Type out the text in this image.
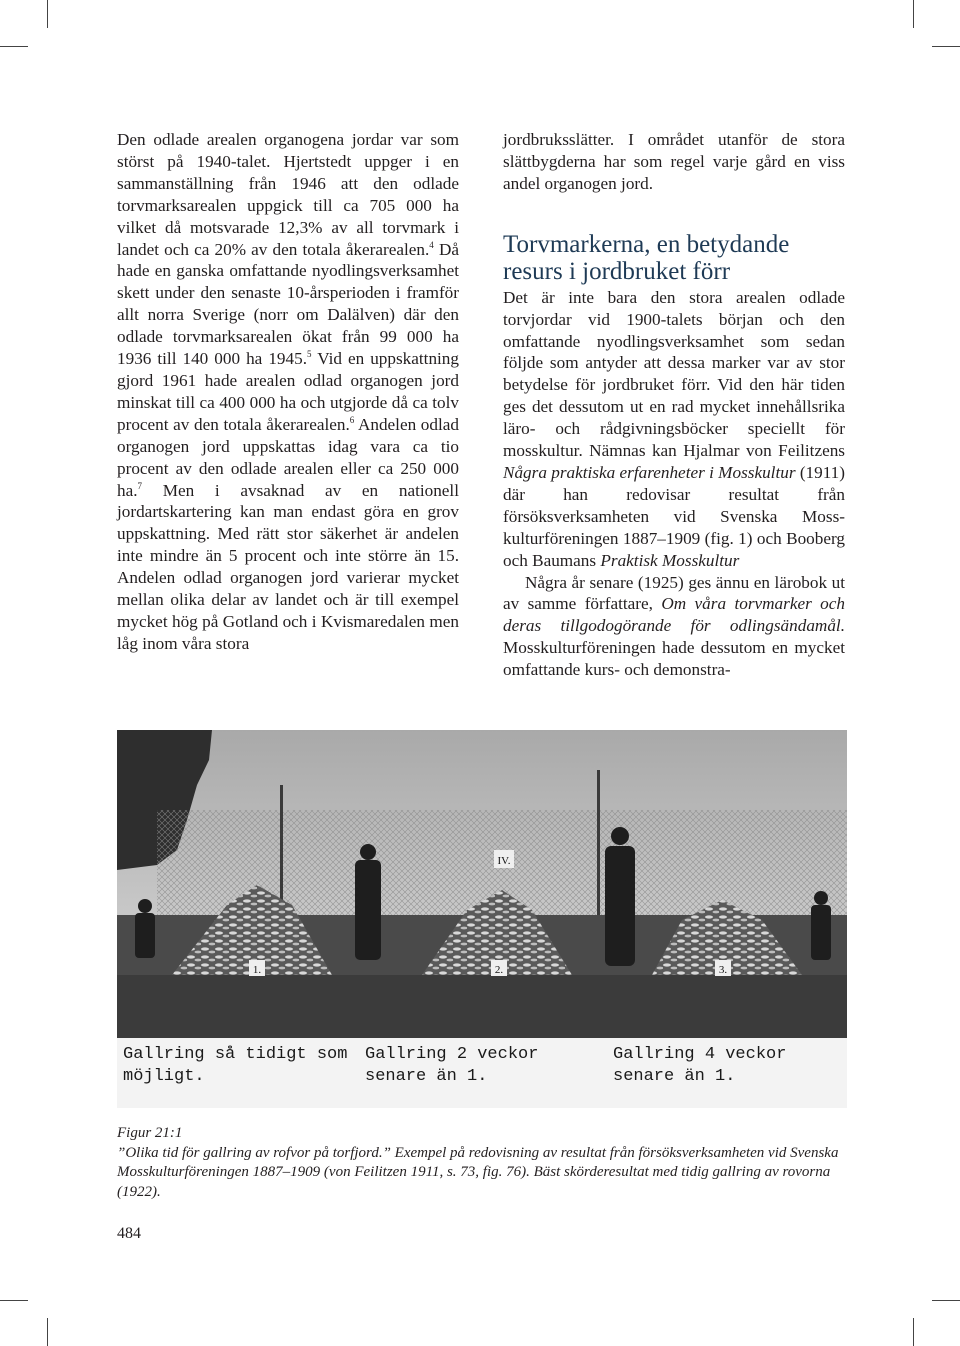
Den odlade arealen organogena jordar var som störst på 1940-talet. Hjertstedt uppger i en sammanställning från 1946 att den odlade torvmarksarealen uppgick till ca 705 000 ha vilket då motsvarade 12,3% av all torvmark i landet och ca 20% av den totala åkerarealen.$^4$ Då hade en ganska omfattande nyodlingsverksamhet skett under den senaste 10-årsperioden i framför allt norra Sverige (norr om Dalälven) där den odlade torvmarksarealen ökat från 99 000 ha 1936 till 140 000 ha 1945.$^5$ Vid en uppskattning gjord 1961 hade arealen odlad organogen jord minskat till ca 400 000 ha och utgjorde då ca tolv procent av den totala åkerarealen.$^6$ Andelen odlad organogen jord uppskattas idag vara ca tio procent av den odlade arealen eller ca 250 000 ha.$^7$ Men i avsaknad av en nationell jordartskartering kan man endast göra en grov uppskattning. Med rätt stor säkerhet är andelen inte mindre än 5 procent och inte större än 15. Andelen odlad organogen jord varierar mycket mellan olika delar av landet och är till exempel mycket hög på Gotland och i Kvismaredalen men låg inom våra stora

jordbruksslätter. I området utanför de stora slättbygderna har som regel varje gård en viss andel organogen jord.

Torvmarkerna, en betydande resurs i jordbruket förr

Det är inte bara den stora arealen odlade torvjordar vid 1900-talets början och den omfattande nyodlingsverksamhet som sedan följde som antyder att dessa marker var av stor betydelse för jordbruket förr. Vid den här tiden ges det dessutom ut en rad mycket innehållsrika läro- och rådgivningsböcker speciellt för mosskultur. Nämnas kan Hjalmar von Feilitzens Några praktiska erfarenheter i Mosskultur (1911) där han redovisar resultat från försöksverksamheten vid Svenska Mosskulturföreningen 1887–1909 (fig. 1) och Booberg och Baumans Praktisk Mosskultur

Några år senare (1925) ges ännu en lärobok ut av samme författare, Om våra torvmarker och deras tillgodogörande för odlingsändamål. Mosskulturföreningen hade dessutom en mycket omfattande kurs- och demonstra-

IV.
1.	2.	3.
Gallring så tidigt som möjligt.
Gallring 2 veckor senare än 1.
Gallring 4 veckor senare än 1.
Figur 21:1
”Olika tid för gallring av rofvor på torfjord.” Exempel på redovisning av resultat från försöksverksamheten vid Svenska Mosskulturföreningen 1887–1909 (von Feilitzen 1911, s. 73, fig. 76). Bäst skörderesultat med tidig gallring av rovorna (1922).
484
